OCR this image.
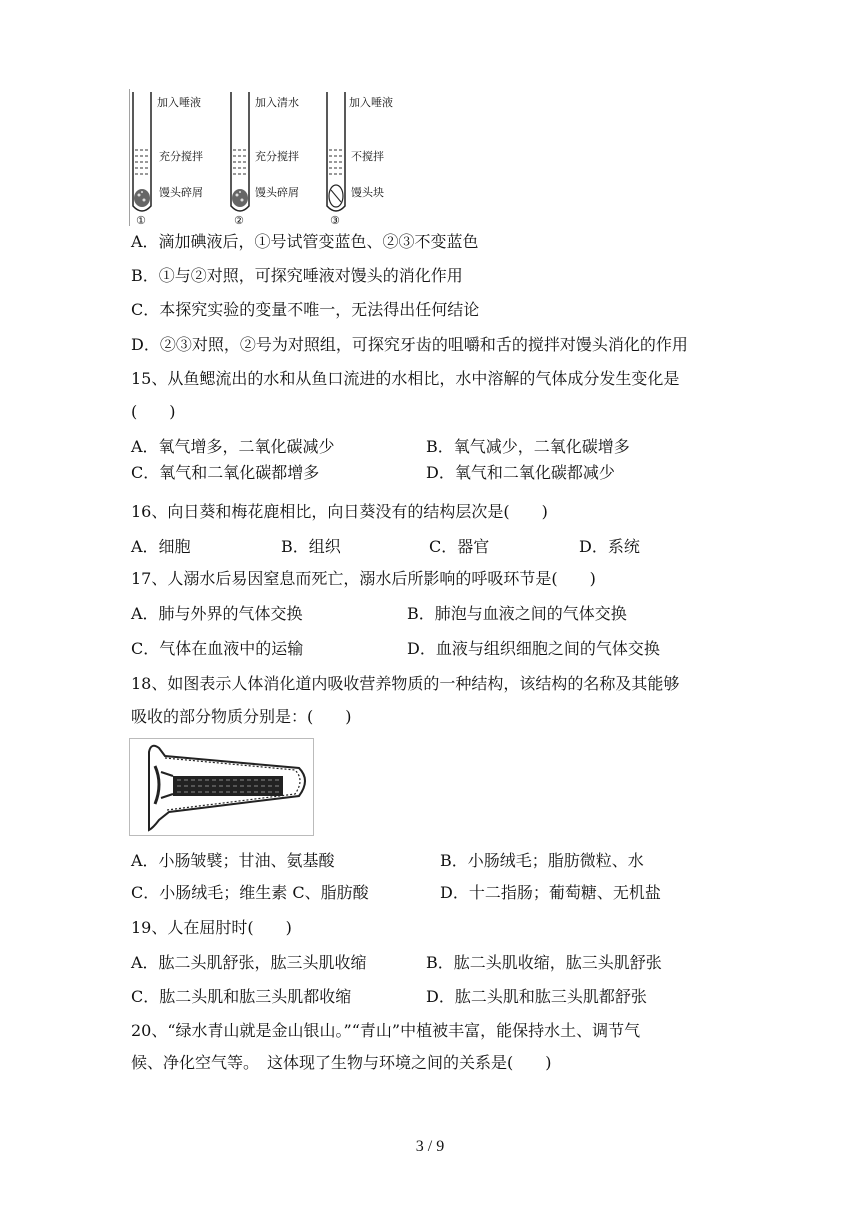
加入唾液
充分搅拌
馒头碎屑
加入清水
充分搅拌
馒头碎屑
加入唾液
不搅拌
馒头块
①	②	③
A．滴加碘液后，①号试管变蓝色、②③不变蓝色
B．①与②对照，可探究唾液对馒头的消化作用
C．本探究实验的变量不唯一，无法得出任何结论
D．②③对照，②号为对照组，可探究牙齿的咀嚼和舌的搅拌对馒头消化的作用
15、从鱼鳃流出的水和从鱼口流进的水相比，水中溶解的气体成分发生变化是
(　　)
A．氧气增多，二氧化碳减少	B．氧气减少，二氧化碳增多
C．氧气和二氧化碳都增多	D．氧气和二氧化碳都减少
16、向日葵和梅花鹿相比，向日葵没有的结构层次是(　　)
A．细胞	B．组织	C．器官	D．系统
17、人溺水后易因窒息而死亡，溺水后所影响的呼吸环节是(　　)
A．肺与外界的气体交换	B．肺泡与血液之间的气体交换
C．气体在血液中的运输	D．血液与组织细胞之间的气体交换
18、如图表示人体消化道内吸收营养物质的一种结构，该结构的名称及其能够
吸收的部分物质分别是：(　　)
A．小肠皱襞；甘油、氨基酸	B．小肠绒毛；脂肪微粒、水
C．小肠绒毛；维生素 C、脂肪酸	D．十二指肠；葡萄糖、无机盐
19、人在屈肘时(　　)
A．肱二头肌舒张，肱三头肌收缩	B．肱二头肌收缩，肱三头肌舒张
C．肱二头肌和肱三头肌都收缩	D．肱二头肌和肱三头肌都舒张
20、“绿水青山就是金山银山。”“青山”中植被丰富，能保持水土、调节气
候、净化空气等。　这体现了生物与环境之间的关系是(　　)
3 / 9
